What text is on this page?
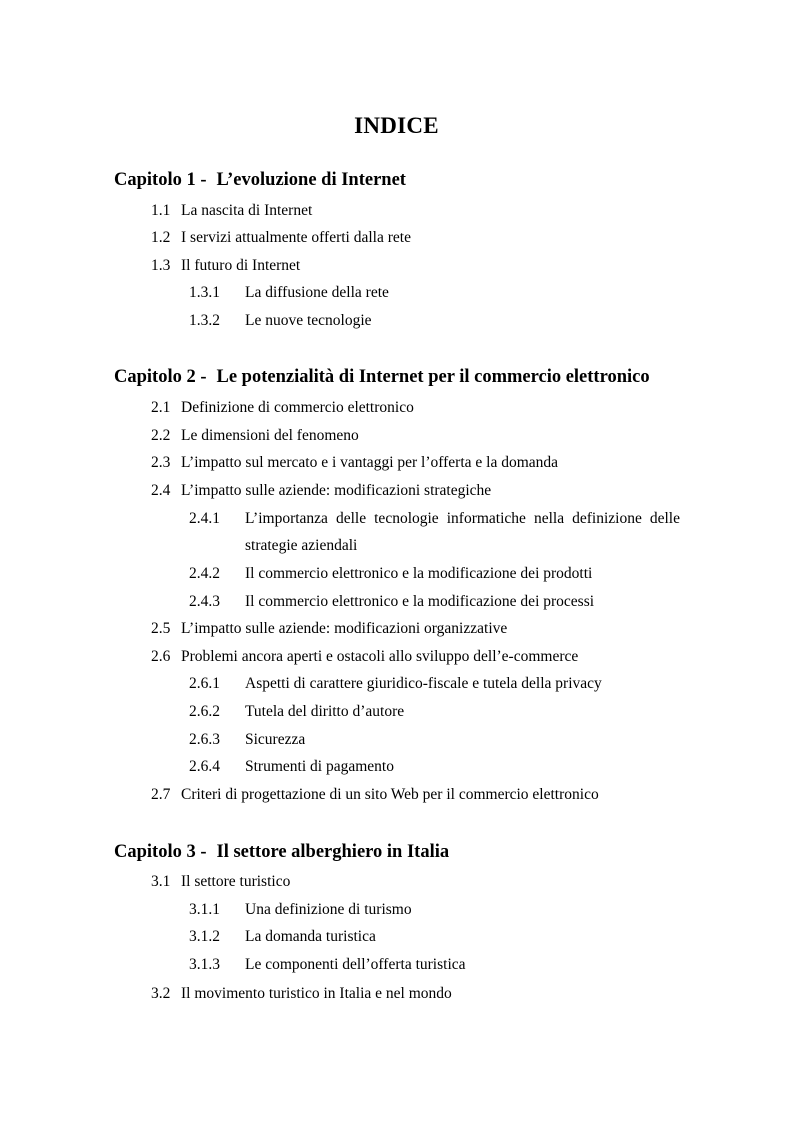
INDICE
Capitolo 1 - L’evoluzione di Internet
1.1 La nascita di Internet
1.2 I servizi attualmente offerti dalla rete
1.3 Il futuro di Internet
1.3.1 La diffusione della rete
1.3.2 Le nuove tecnologie
Capitolo 2 - Le potenzialità di Internet per il commercio elettronico
2.1 Definizione di commercio elettronico
2.2 Le dimensioni del fenomeno
2.3 L’impatto sul mercato e i vantaggi per l’offerta e la domanda
2.4 L’impatto sulle aziende: modificazioni strategiche
2.4.1 L’importanza delle tecnologie informatiche nella definizione delle
strategie aziendali
2.4.2 Il commercio elettronico e la modificazione dei prodotti
2.4.3 Il commercio elettronico e la modificazione dei processi
2.5 L’impatto sulle aziende: modificazioni organizzative
2.6 Problemi ancora aperti e ostacoli allo sviluppo dell’e-commerce
2.6.1 Aspetti di carattere giuridico-fiscale e tutela della privacy
2.6.2 Tutela del diritto d’autore
2.6.3 Sicurezza
2.6.4 Strumenti di pagamento
2.7 Criteri di progettazione di un sito Web per il commercio elettronico
Capitolo 3 - Il settore alberghiero in Italia
3.1 Il settore turistico
3.1.1 Una definizione di turismo
3.1.2 La domanda turistica
3.1.3 Le componenti dell’offerta turistica
3.2 Il movimento turistico in Italia e nel mondo
